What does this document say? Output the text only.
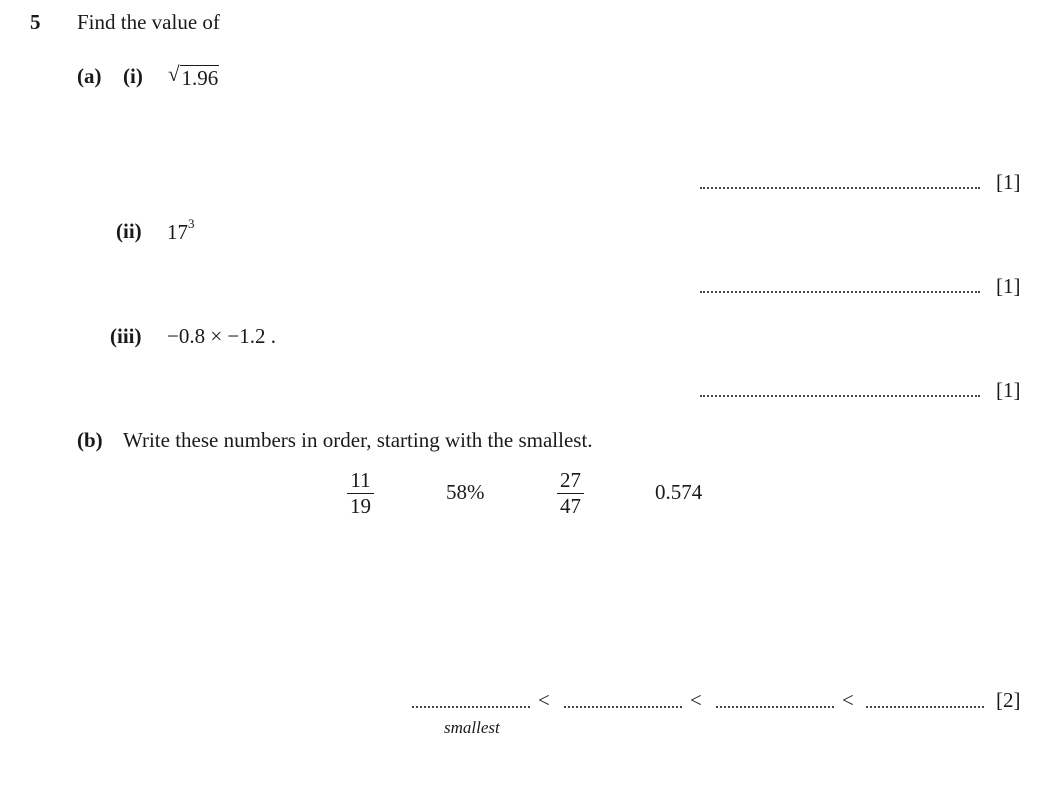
5 Find the value of
(a) (i) √ 1.96
[1]
(ii) $17^3$
[1]
(iii) −0.8 × −1.2 .
[1]
(b) Write these numbers in order, starting with the smallest.
$\frac{11}{19}$	58%	$\frac{27}{47}$	0.574
<	<	<	[2]
smallest
